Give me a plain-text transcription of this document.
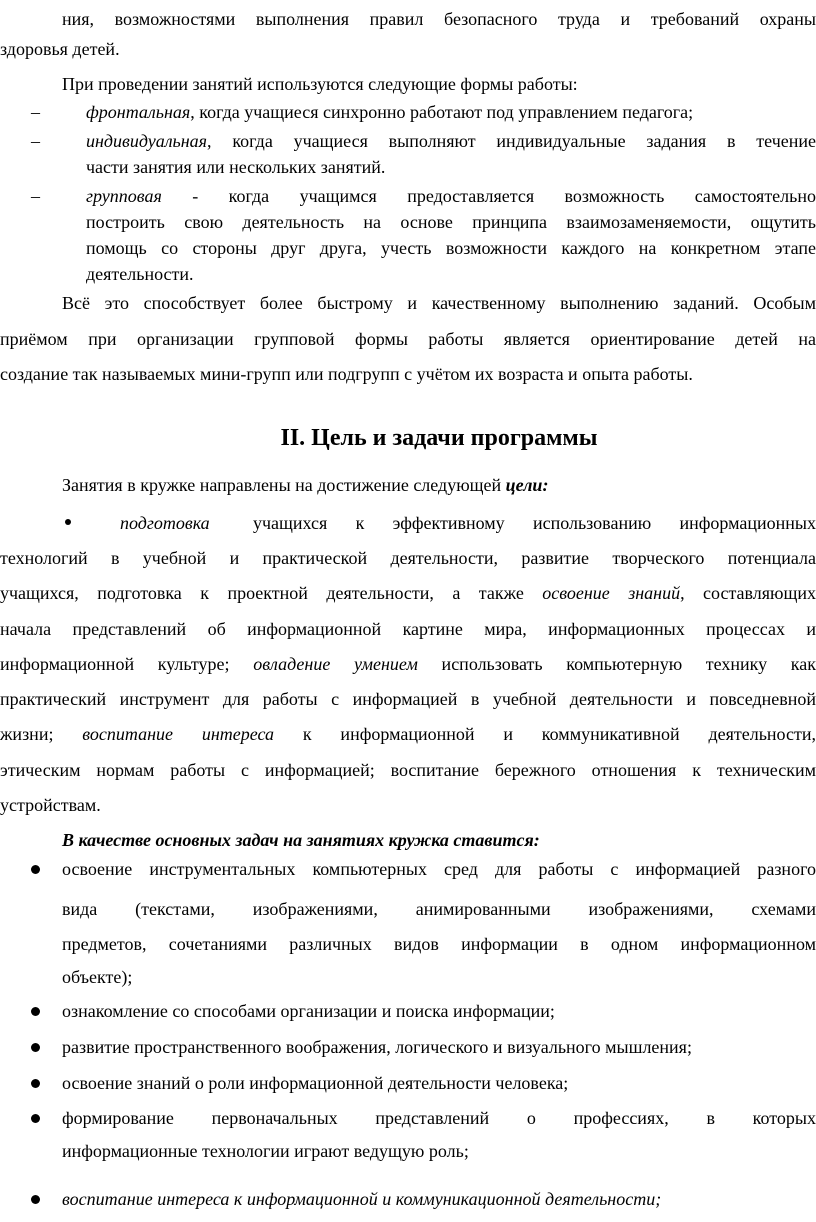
ния, возможностями выполнения правил безопасного труда и требований охраны
здоровья детей.
При проведении занятий используются следующие формы работы:
–	фронтальная, когда учащиеся синхронно работают под управлением педагога;
–	индивидуальная, когда учащиеся выполняют индивидуальные задания в течение
части занятия или нескольких занятий.
–	групповая - когда учащимся предоставляется возможность самостоятельно
построить свою деятельность на основе принципа взаимозаменяемости, ощутить
помощь со стороны друг друга, учесть возможности каждого на конкретном этапе
деятельности.
Всё это способствует более быстрому и качественному выполнению заданий. Особым
приёмом при организации групповой формы работы является ориентирование детей на
создание так называемых мини-групп или подгрупп с учётом их возраста и опыта работы.
II. Цель и задачи программы
Занятия в кружке направлены на достижение следующей цели:
подготовка учащихся к эффективному использованию информационных
технологий в учебной и практической деятельности, развитие творческого потенциала
учащихся, подготовка к проектной деятельности, а также освоение знаний, составляющих
начала представлений об информационной картине мира, информационных процессах и
информационной культуре; овладение умением использовать компьютерную технику как
практический инструмент для работы с информацией в учебной деятельности и повседневной
жизни; воспитание интереса к информационной и коммуникативной деятельности,
этическим нормам работы с информацией; воспитание бережного отношения к техническим
устройствам.
В качестве основных задач на занятиях кружка ставится:
освоение инструментальных компьютерных сред для работы с информацией разного
вида (текстами, изображениями, анимированными изображениями, схемами
предметов, сочетаниями различных видов информации в одном информационном
объекте);
ознакомление со способами организации и поиска информации;
развитие пространственного воображения, логического и визуального мышления;
освоение знаний о роли информационной деятельности человека;
формирование первоначальных представлений о профессиях, в которых
информационные технологии играют ведущую роль;
воспитание интереса к информационной и коммуникационной деятельности;
